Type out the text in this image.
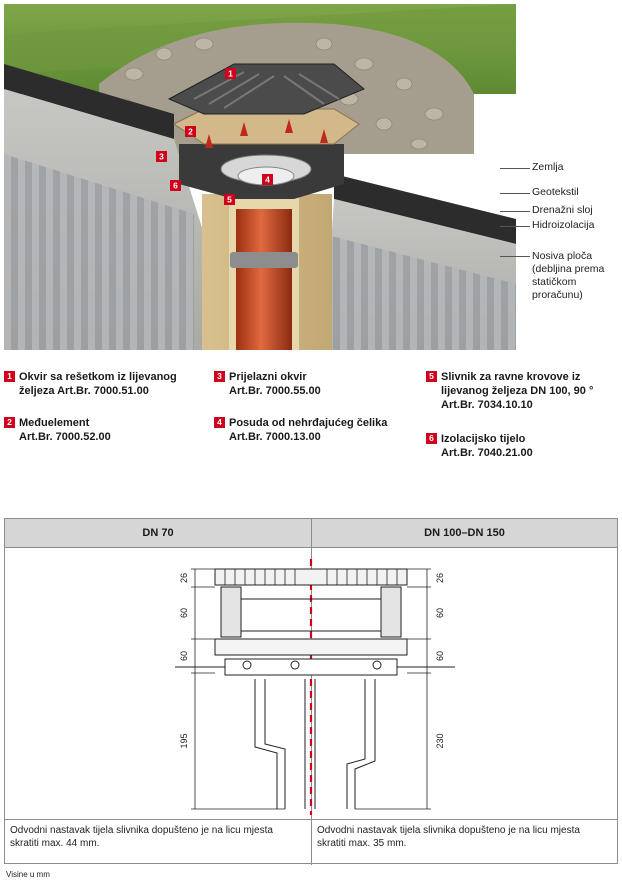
1
2
3
4
5
6
Zemlja
Geotekstil
Drenažni sloj
Hidroizolacija
Nosiva ploča
(debljina prema
statičkom
proračunu)
1 Okvir sa rešetkom iz lijevanog
željeza Art.Br. 7000.51.00
2 Međuelement
Art.Br. 7000.52.00
3 Prijelazni okvir
Art.Br. 7000.55.00
4 Posuda od nehrđajućeg čelika
Art.Br. 7000.13.00
5 Slivnik za ravne krovove iz
lijevanog željeza DN 100, 90 °
Art.Br. 7034.10.10
6 Izolacijsko tijelo
Art.Br. 7040.21.00
DN 70	DN 100–DN 150
26
60
60
195
26
60
60
230
Odvodni nastavak tijela slivnika dopušteno je na licu mjesta
skratiti max. 44 mm.
Odvodni nastavak tijela slivnika dopušteno je na licu mjesta
skratiti max. 35 mm.
Visine u mm
